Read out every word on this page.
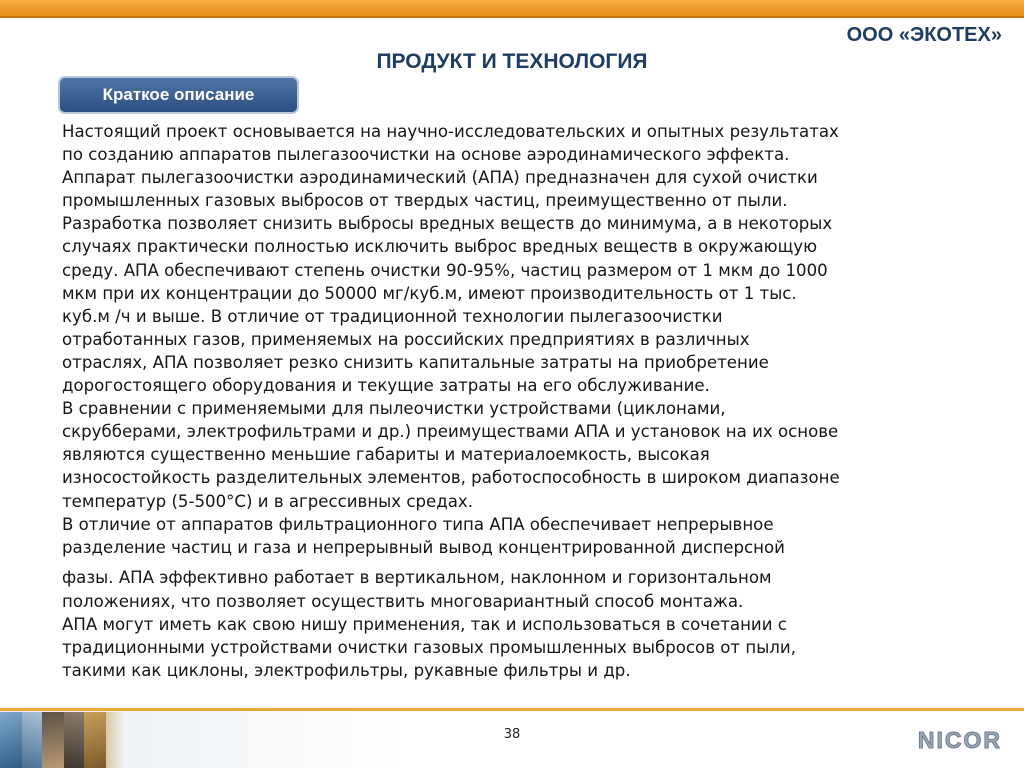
ООО «ЭКОТЕХ»
ПРОДУКТ И ТЕХНОЛОГИЯ
Краткое описание

Настоящий проект основывается на научно-исследовательских и опытных результатах

по созданию аппаратов пылегазоочистки на основе аэродинамического эффекта.

Аппарат пылегазоочистки аэродинамический (АПА) предназначен для сухой очистки

промышленных газовых выбросов от твердых частиц, преимущественно от пыли.

Разработка позволяет снизить выбросы вредных веществ до минимума, а в некоторых

случаях практически полностью исключить выброс вредных веществ в окружающую

среду. АПА обеспечивают степень очистки 90-95%, частиц размером от 1 мкм до 1000

мкм при их концентрации до 50000 мг/куб.м, имеют производительность от 1 тыс.

куб.м /ч и выше. В отличие от традиционной технологии пылегазоочистки

отработанных газов, применяемых на российских предприятиях в различных

отраслях, АПА позволяет резко снизить капитальные затраты на приобретение

дорогостоящего оборудования и текущие затраты на его обслуживание.

В сравнении с применяемыми для пылеочистки устройствами (циклонами,

скрубберами, электрофильтрами и др.) преимуществами АПА и установок на их основе

являются существенно меньшие габариты и материалоемкость, высокая

износостойкость разделительных элементов, работоспособность в широком диапазоне

температур (5-500°С) и в агрессивных средах.

В отличие от аппаратов фильтрационного типа АПА обеспечивает непрерывное

разделение частиц и газа и непрерывный вывод концентрированной дисперсной

фазы. АПА эффективно работает в вертикальном, наклонном и горизонтальном

положениях, что позволяет осуществить многовариантный способ монтажа.

АПА могут иметь как свою нишу применения, так и использоваться в сочетании с

традиционными устройствами очистки газовых промышленных выбросов от пыли,

такими как циклоны, электрофильтры, рукавные фильтры и др.

38	NICOR
